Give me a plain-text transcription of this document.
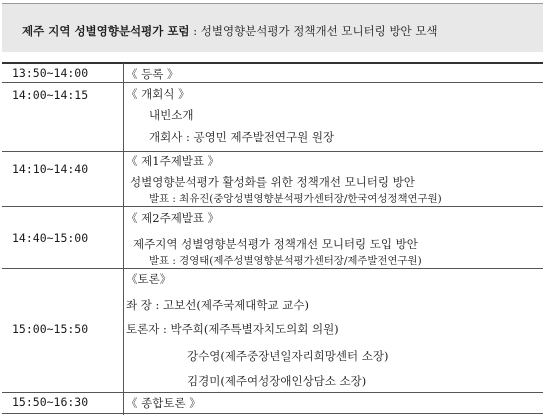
제주 지역 성별영향분석평가 포럼 : 성별영향분석평가 정책개선 모니터링 방안 모색
13:50~14:00	《 등록 》
14:00~14:15	《 개회식 》
내빈소개
개회사 : 공영민 제주발전연구원 원장
14:10~14:40
《 제1주제발표 》
성별영향분석평가 활성화를 위한 정책개선 모니터링 방안
발표 : 최유진(중앙성별영향분석평가센터장/한국여성정책연구원)
14:40~15:00
《 제2주제발표 》
제주지역 성별영향분석평가 정책개선 모니터링 도입 방안
발표 : 경영태(제주성별영향분석평가센터장/제주발전연구원)
15:00~15:50
《토론》
좌 장 : 고보선(제주국제대학교 교수)
토론자 : 박주희(제주특별자치도의회 의원)
강수영(제주중장년일자리희망센터 소장)
김경미(제주여성장애인상담소 소장)
15:50~16:30	《 종합토론 》
